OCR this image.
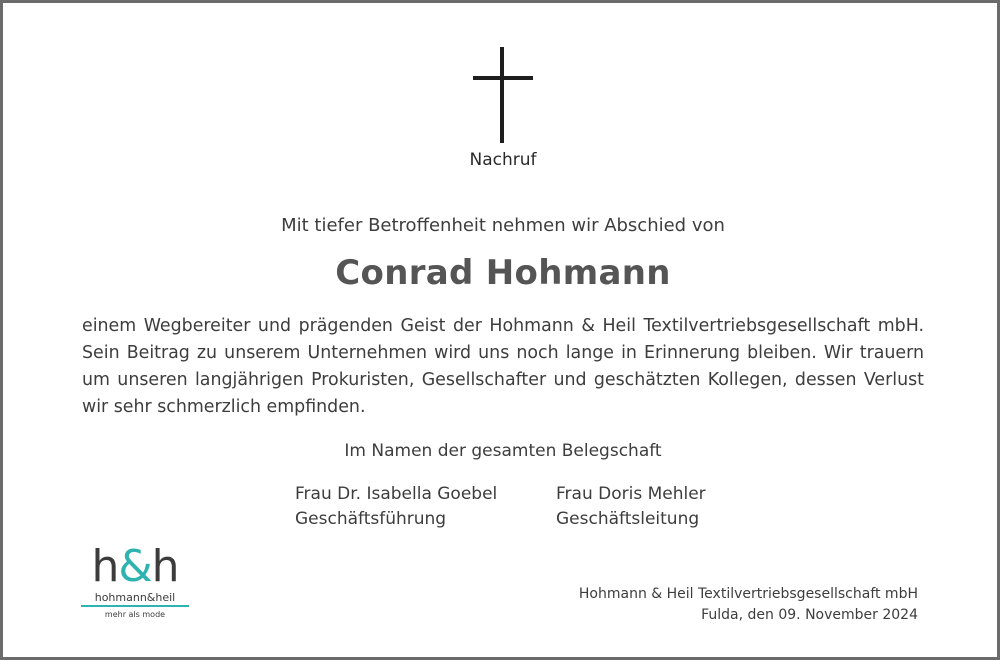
Nachruf
Mit tiefer Betroffenheit nehmen wir Abschied von
Conrad Hohmann
einem Wegbereiter und prägenden Geist der Hohmann & Heil Textilvertriebsgesellschaft mbH. Sein Beitrag zu unserem Unternehmen wird uns noch lange in Erinnerung bleiben. Wir trauern um unseren langjährigen Prokuristen, Gesellschafter und geschätzten Kollegen, dessen Verlust wir sehr schmerzlich empfinden.
Im Namen der gesamten Belegschaft
Frau Dr. Isabella Goebel
Geschäftsführung
Frau Doris Mehler
Geschäftsleitung
h&h
hohmann&heil
mehr als mode
Hohmann & Heil Textilvertriebsgesellschaft mbH
Fulda, den 09. November 2024
